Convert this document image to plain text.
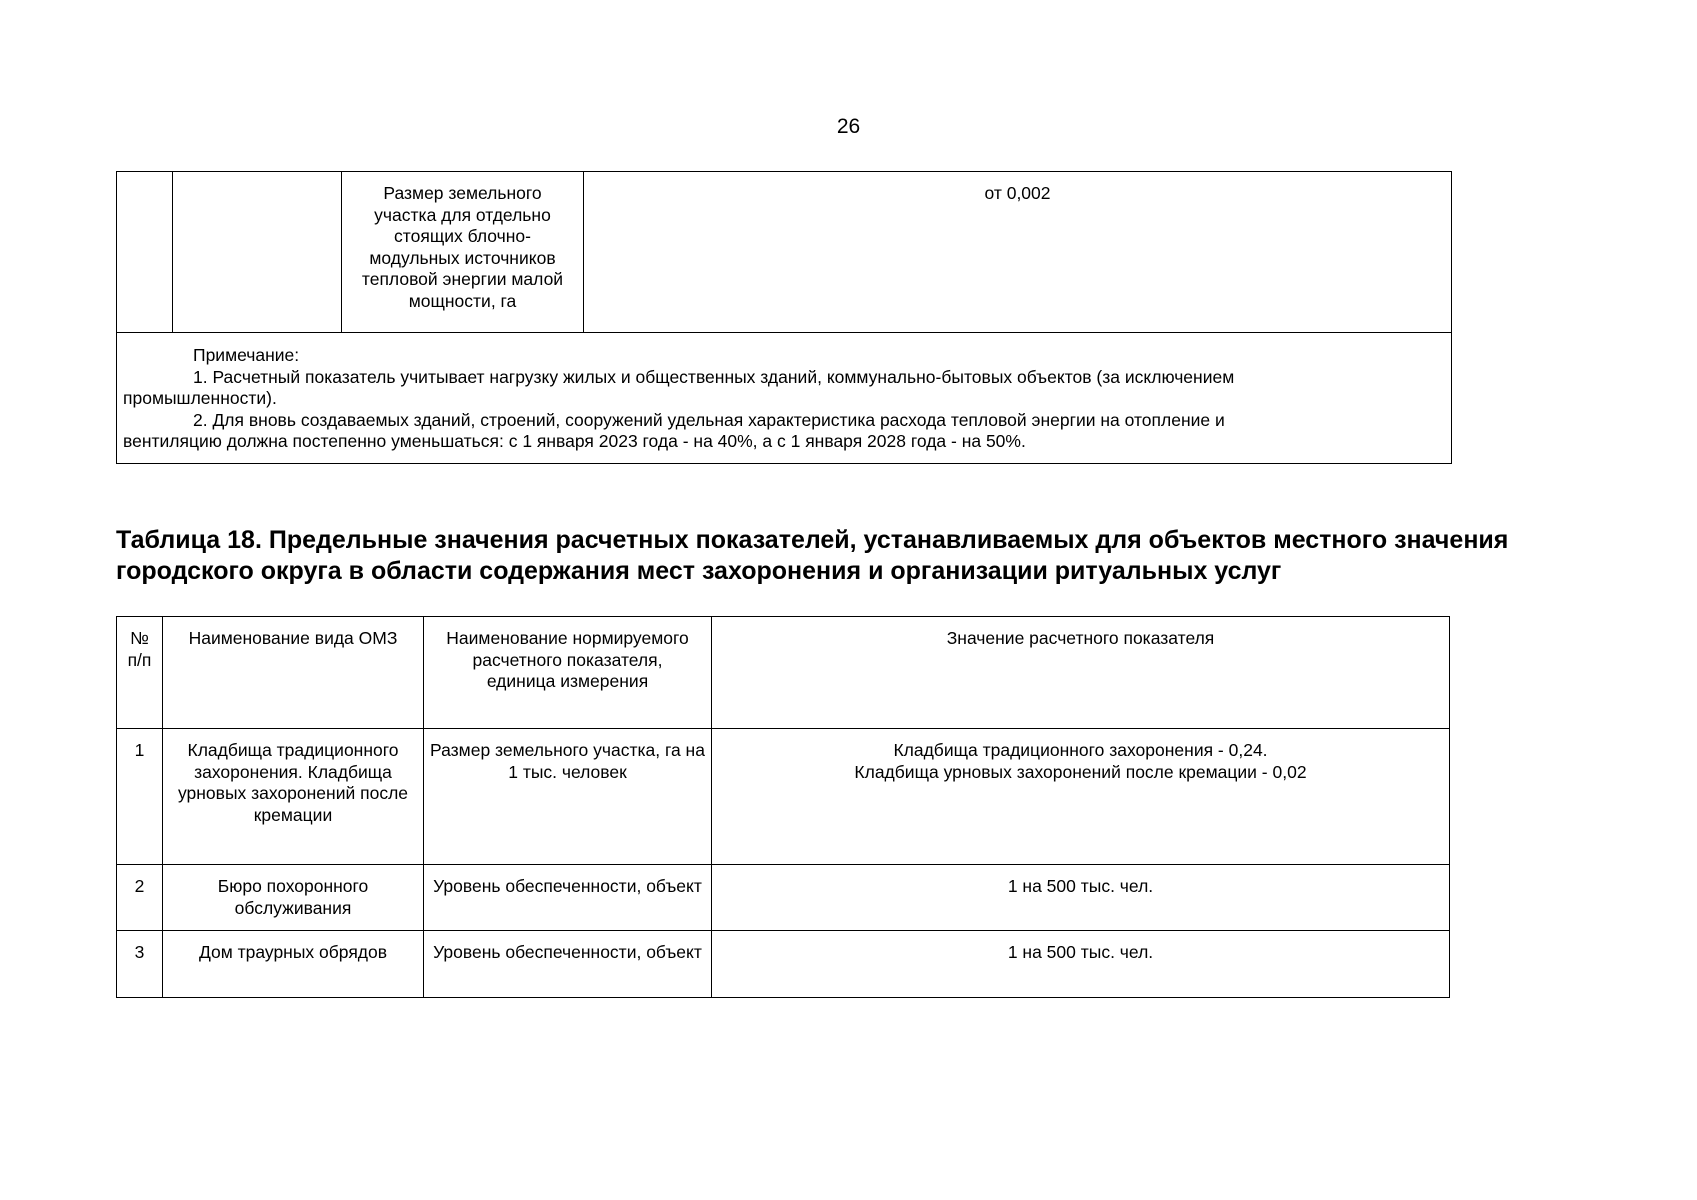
26
		Размер земельного участка для отдельно стоящих блочно-модульных источников тепловой энергии малой мощности, га	от 0,002

Примечание:
1. Расчетный показатель учитывает нагрузку жилых и общественных зданий, коммунально-бытовых объектов (за исключением
промышленности).
2. Для вновь создаваемых зданий, строений, сооружений удельная характеристика расхода тепловой энергии на отопление и
вентиляцию должна постепенно уменьшаться: с 1 января 2023 года - на 40%, а с 1 января 2028 года - на 50%.
Таблица 18. Предельные значения расчетных показателей, устанавливаемых для объектов местного значения городского округа в области содержания мест захоронения и организации ритуальных услуг
№ п/п	Наименование вида ОМЗ	Наименование нормируемого расчетного показателя, единица измерения	Значение расчетного показателя
1	Кладбища традиционного захоронения. Кладбища урновых захоронений после кремации	Размер земельного участка, га на 1 тыс. человек	Кладбища традиционного захоронения - 0,24.
Кладбища урновых захоронений после кремации - 0,02

2	Бюро похоронного обслуживания	Уровень обеспеченности, объект	1 на 500 тыс. чел.
3	Дом траурных обрядов	Уровень обеспеченности, объект	1 на 500 тыс. чел.
